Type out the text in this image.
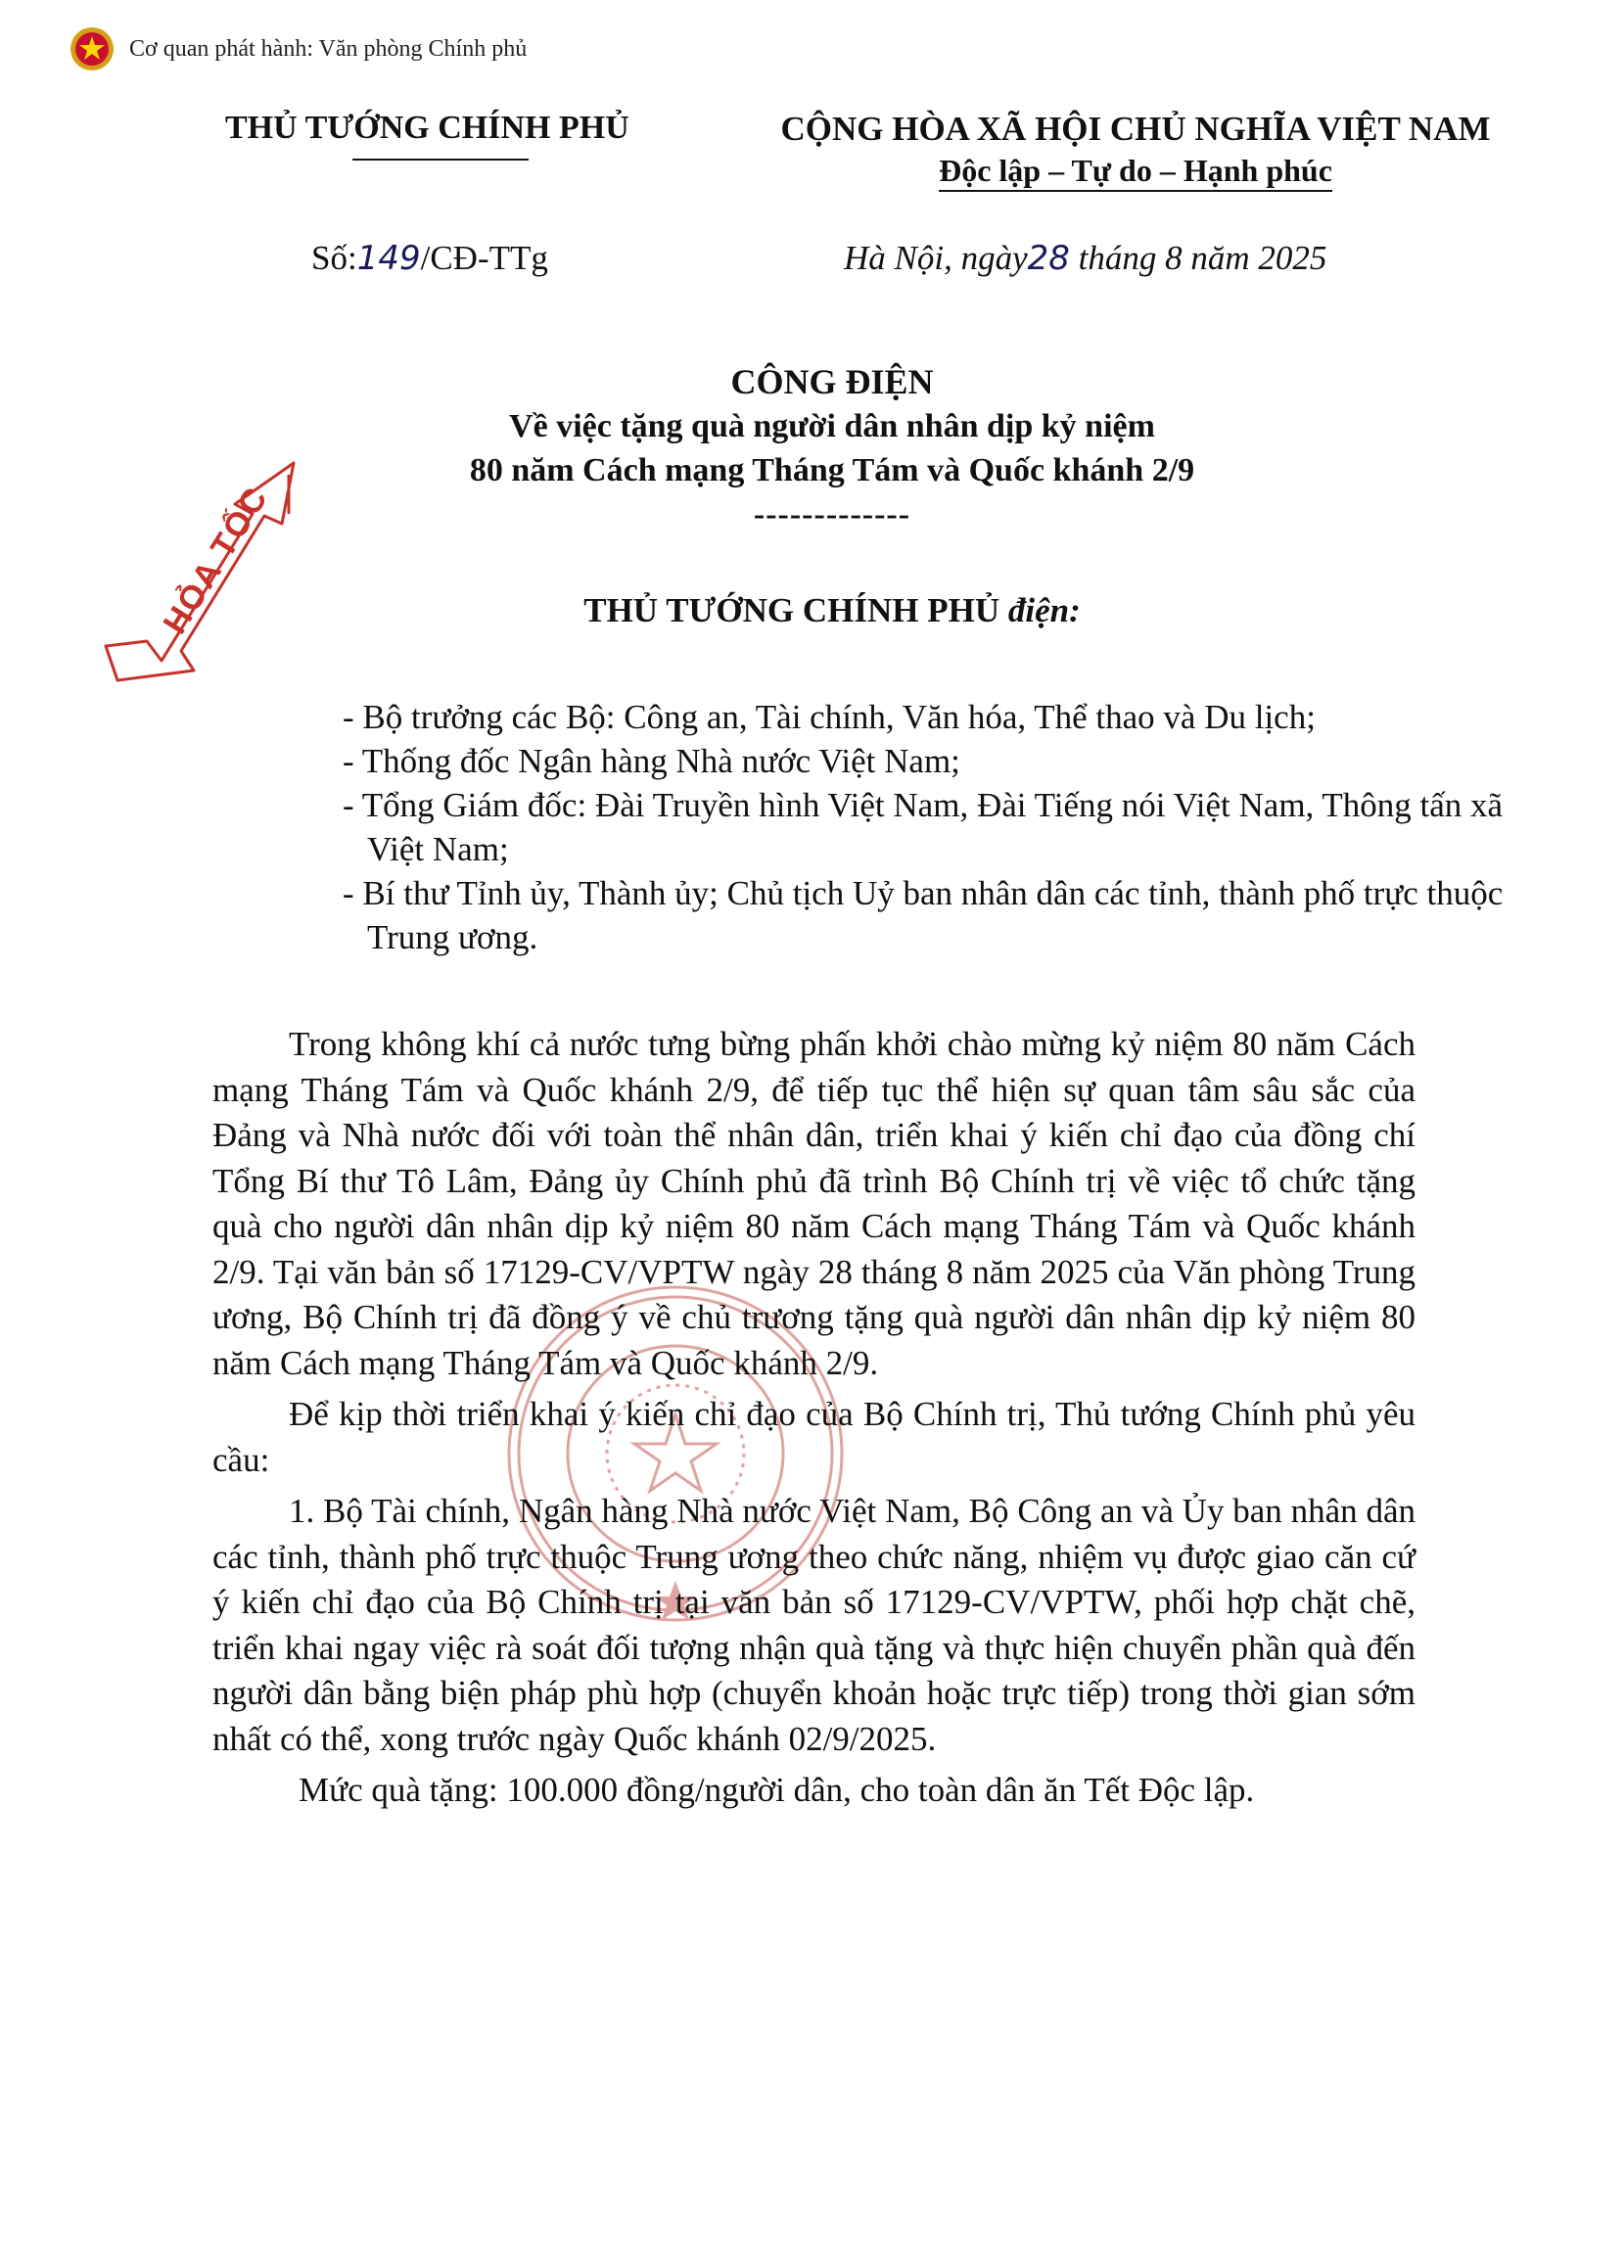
Cơ quan phát hành: Văn phòng Chính phủ
THỦ TƯỚNG CHÍNH PHỦ	CỘNG HÒA XÃ HỘI CHỦ NGHĨA VIỆT NAM
Độc lập – Tự do – Hạnh phúc
Số:149/CĐ-TTg	Hà Nội, ngày28 tháng 8 năm 2025
CÔNG ĐIỆN
Về việc tặng quà người dân nhân dịp kỷ niệm
80 năm Cách mạng Tháng Tám và Quốc khánh 2/9
-------------
HỎA TỐC	THỦ TƯỚNG CHÍNH PHỦ điện:

- Bộ trưởng các Bộ: Công an, Tài chính, Văn hóa, Thể thao và Du lịch;

- Thống đốc Ngân hàng Nhà nước Việt Nam;

- Tổng Giám đốc: Đài Truyền hình Việt Nam, Đài Tiếng nói Việt Nam, Thông tấn xã Việt Nam;

- Bí thư Tỉnh ủy, Thành ủy; Chủ tịch Uỷ ban nhân dân các tỉnh, thành phố trực thuộc Trung ương.

Trong không khí cả nước tưng bừng phấn khởi chào mừng kỷ niệm 80 năm Cách mạng Tháng Tám và Quốc khánh 2/9, để tiếp tục thể hiện sự quan tâm sâu sắc của Đảng và Nhà nước đối với toàn thể nhân dân, triển khai ý kiến chỉ đạo của đồng chí Tổng Bí thư Tô Lâm, Đảng ủy Chính phủ đã trình Bộ Chính trị về việc tổ chức tặng quà cho người dân nhân dịp kỷ niệm 80 năm Cách mạng Tháng Tám và Quốc khánh 2/9. Tại văn bản số 17129-CV/VPTW ngày 28 tháng 8 năm 2025 của Văn phòng Trung ương, Bộ Chính trị đã đồng ý về chủ trương tặng quà người dân nhân dịp kỷ niệm 80 năm Cách mạng Tháng Tám và Quốc khánh 2/9.

Để kịp thời triển khai ý kiến chỉ đạo của Bộ Chính trị, Thủ tướng Chính phủ yêu cầu:

1. Bộ Tài chính, Ngân hàng Nhà nước Việt Nam, Bộ Công an và Ủy ban nhân dân các tỉnh, thành phố trực thuộc Trung ương theo chức năng, nhiệm vụ được giao căn cứ ý kiến chỉ đạo của Bộ Chính trị tại văn bản số 17129-CV/VPTW, phối hợp chặt chẽ, triển khai ngay việc rà soát đối tượng nhận quà tặng và thực hiện chuyển phần quà đến người dân bằng biện pháp phù hợp (chuyển khoản hoặc trực tiếp) trong thời gian sớm nhất có thể, xong trước ngày Quốc khánh 02/9/2025.

Mức quà tặng: 100.000 đồng/người dân, cho toàn dân ăn Tết Độc lập.
